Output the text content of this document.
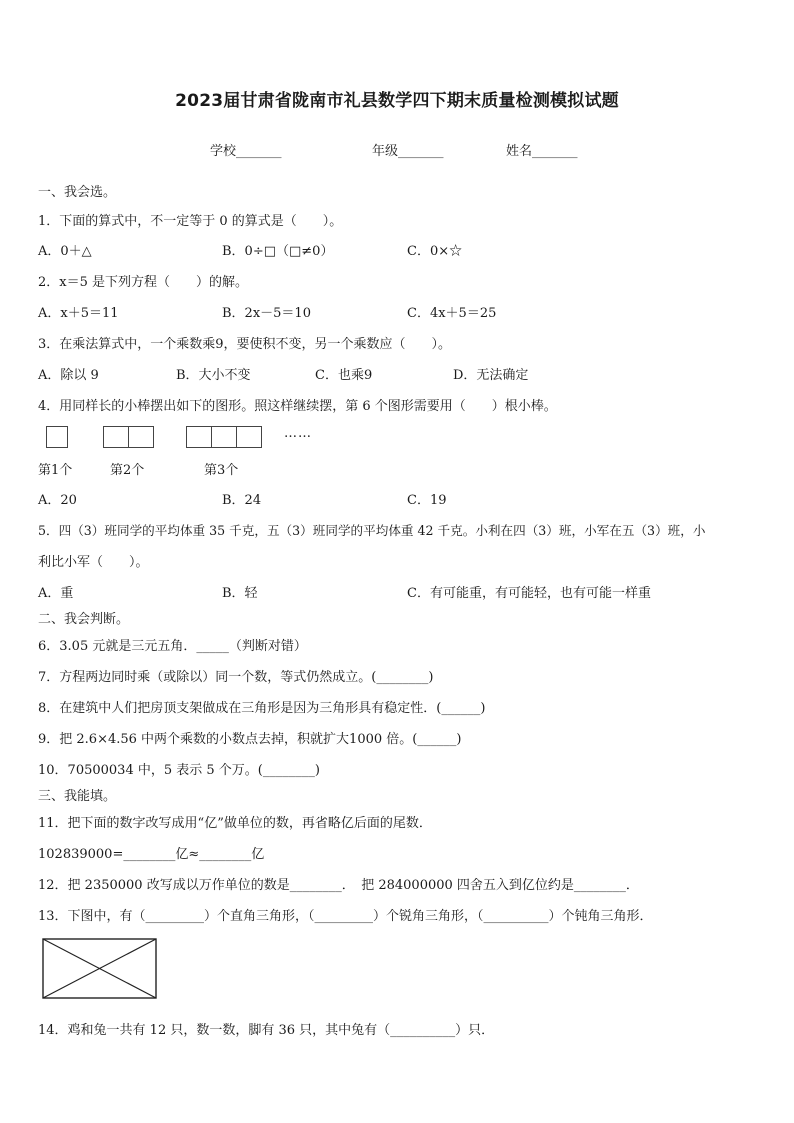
2023届甘肃省陇南市礼县数学四下期末质量检测模拟试题
学校_______	年级_______	姓名_______
一、我会选。
1．下面的算式中，不一定等于 0 的算式是（　　）。
A．0＋△	B．0÷□（□≠0）	C．0×☆
2．x＝5 是下列方程（　　）的解。
A．x＋5＝11	B．2x－5＝10	C．4x＋5＝25
3．在乘法算式中，一个乘数乘9，要使积不变，另一个乘数应（　　）。
A．除以 9	B．大小不变	C．也乘9	D．无法确定
4．用同样长的小棒摆出如下的图形。照这样继续摆，第 6 个图形需要用（　　）根小棒。
……
第1个	第2个	第3个
A．20	B．24	C．19
5．四（3）班同学的平均体重 35 千克，五（3）班同学的平均体重 42 千克。小利在四（3）班，小军在五（3）班，小
利比小军（　　）。
A．重	B．轻	C．有可能重，有可能轻，也有可能一样重
二、我会判断。
6．3.05 元就是三元五角．_____（判断对错）
7．方程两边同时乘（或除以）同一个数，等式仍然成立。(________)
8．在建筑中人们把房顶支架做成在三角形是因为三角形具有稳定性．(______)
9．把 2.6×4.56 中两个乘数的小数点去掉，积就扩大1000 倍。(______)
10．70500034 中，5 表示 5 个万。(________)
三、我能填。
11．把下面的数字改写成用“亿”做单位的数，再省略亿后面的尾数．
102839000=________亿≈________亿
12．把 2350000 改写成以万作单位的数是________．　把 284000000 四舍五入到亿位约是________．
13．下图中，有（_________）个直角三角形，（_________）个锐角三角形，（__________）个钝角三角形．
14．鸡和兔一共有 12 只，数一数，脚有 36 只，其中兔有（__________）只．
